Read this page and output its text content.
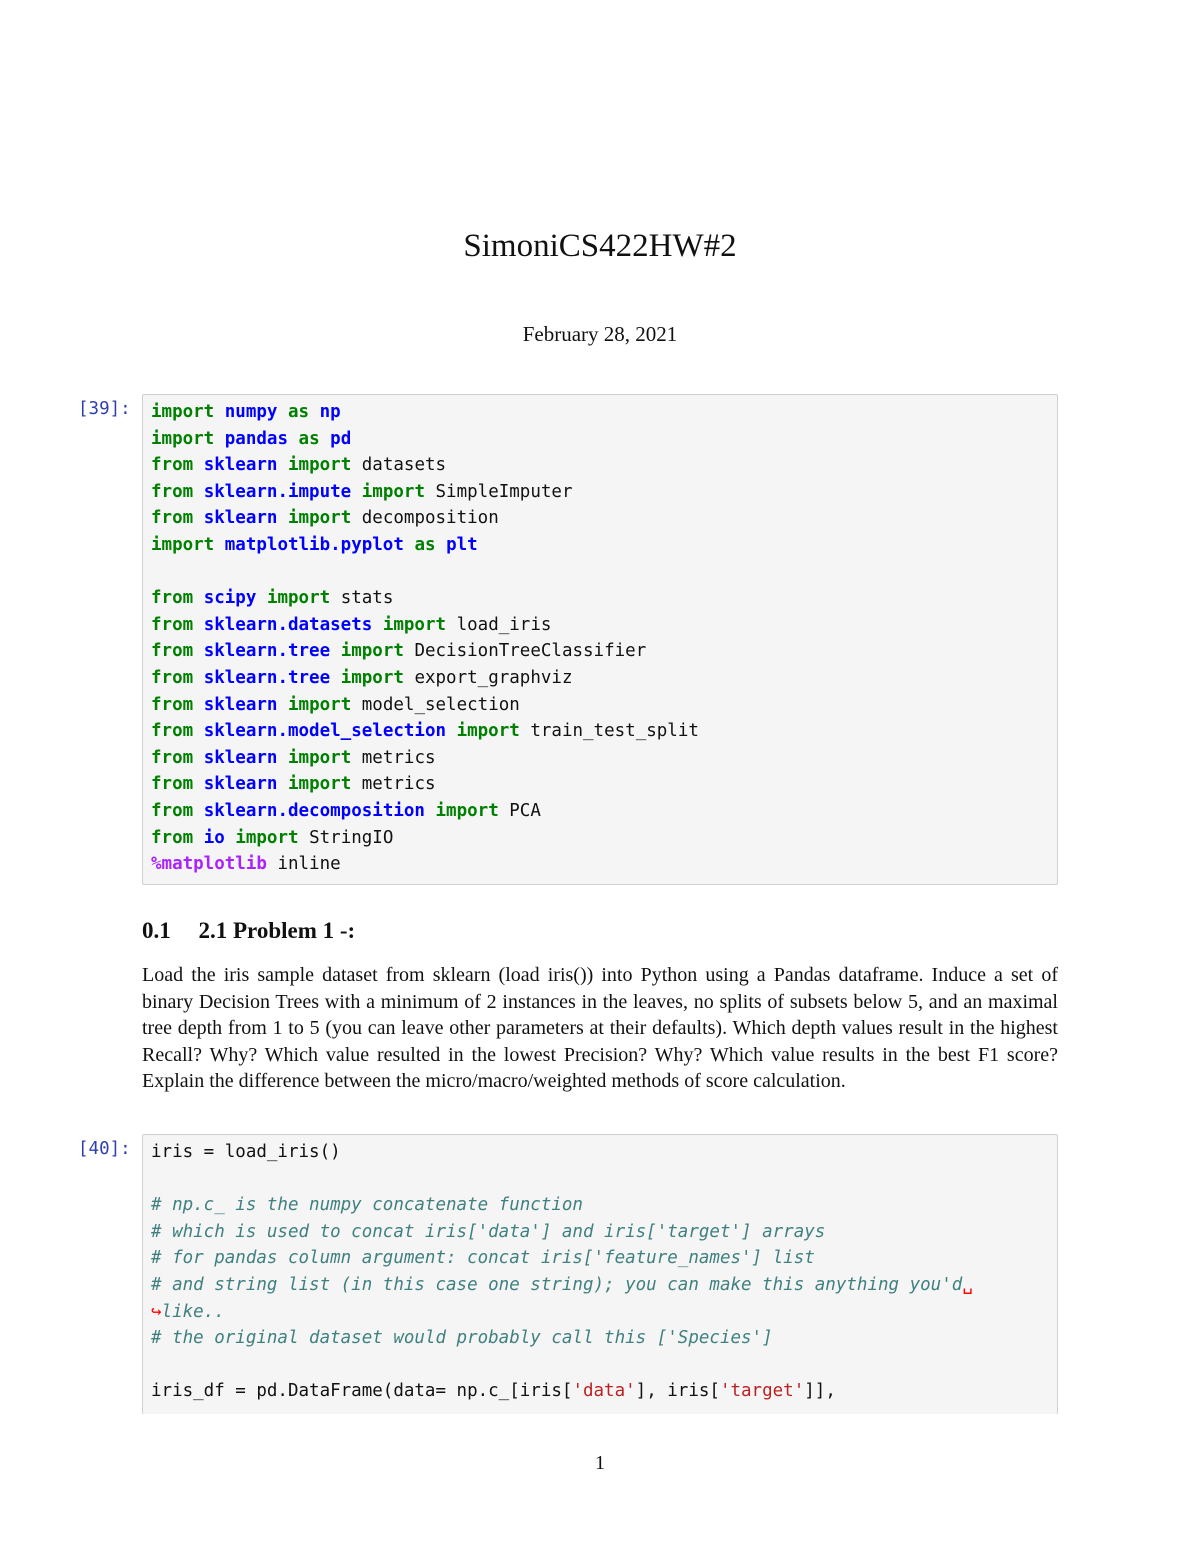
SimoniCS422HW#2
February 28, 2021
[39]:	import numpy as np
import pandas as pd
from sklearn import datasets
from sklearn.impute import SimpleImputer
from sklearn import decomposition
import matplotlib.pyplot as plt
from scipy import stats
from sklearn.datasets import load_iris
from sklearn.tree import DecisionTreeClassifier
from sklearn.tree import export_graphviz
from sklearn import model_selection
from sklearn.model_selection import train_test_split
from sklearn import metrics
from sklearn import metrics
from sklearn.decomposition import PCA
from io import StringIO
%matplotlib inline
0.1 2.1 Problem 1 -:
Load the iris sample dataset from sklearn (load iris()) into Python using a Pandas dataframe. Induce a set of binary Decision Trees with a minimum of 2 instances in the leaves, no splits of subsets below 5, and an maximal tree depth from 1 to 5 (you can leave other parameters at their defaults). Which depth values result in the highest Recall? Why? Which value resulted in the lowest Precision? Why? Which value results in the best F1 score? Explain the difference between the micro/macro/weighted methods of score calculation.
[40]:	iris = load_iris()
# np.c_ is the numpy concatenate function
# which is used to concat iris['data'] and iris['target'] arrays
# for pandas column argument: concat iris['feature_names'] list
# and string list (in this case one string); you can make this anything you'd␣
↪like..
# the original dataset would probably call this ['Species']
iris_df = pd.DataFrame(data= np.c_[iris['data'], iris['target']],
1
